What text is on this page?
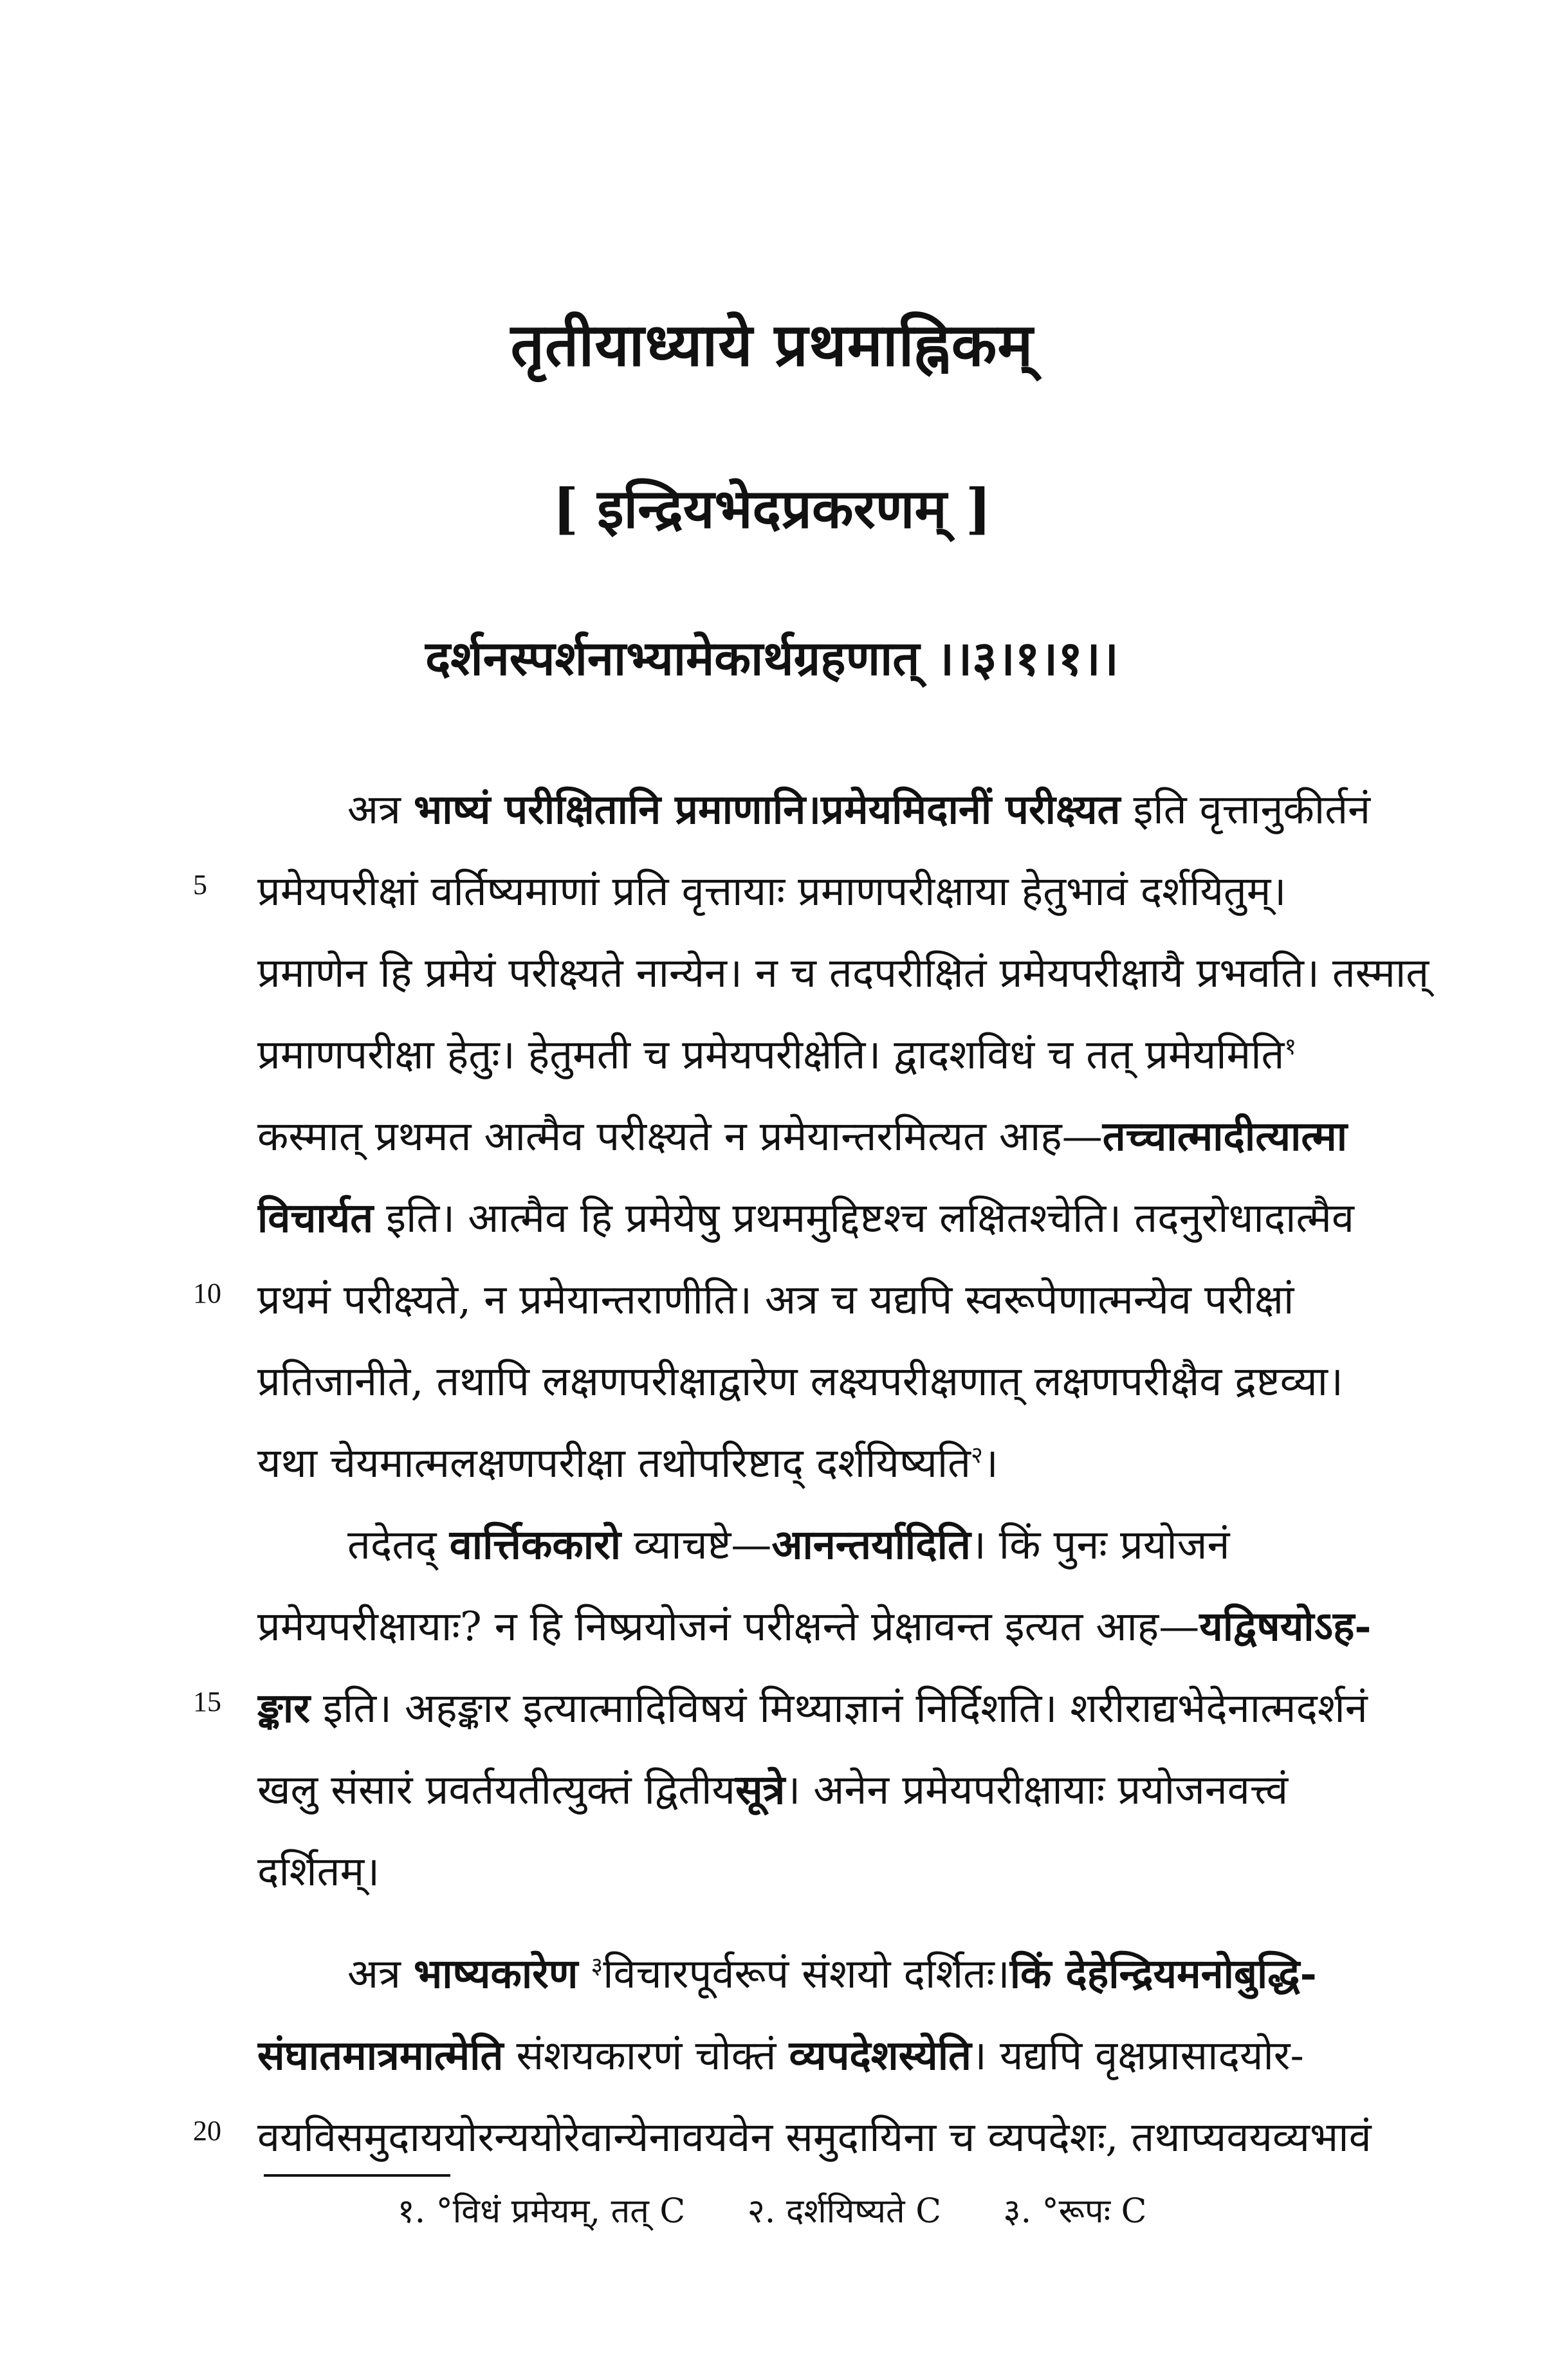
तृतीयाध्याये प्रथमाह्निकम्
[ इन्द्रियभेदप्रकरणम् ]
दर्शनस्पर्शनाभ्यामेकार्थग्रहणात् ।।३।१।१।।
अत्र भाष्यं परीक्षितानि प्रमाणानि।प्रमेयमिदानीं परीक्ष्यत इति वृत्तानुकीर्तनं
प्रमेयपरीक्षां वर्तिष्यमाणां प्रति वृत्तायाः प्रमाणपरीक्षाया हेतुभावं दर्शयितुम्।
प्रमाणेन हि प्रमेयं परीक्ष्यते नान्येन। न च तदपरीक्षितं प्रमेयपरीक्षायै प्रभवति। तस्मात्
प्रमाणपरीक्षा हेतुः। हेतुमती च प्रमेयपरीक्षेति। द्वादशविधं च तत् प्रमेयमिति$^१$
कस्मात् प्रथमत आत्मैव परीक्ष्यते न प्रमेयान्तरमित्यत आह—तच्चात्मादीत्यात्मा
विचार्यत इति। आत्मैव हि प्रमेयेषु प्रथममुद्दिष्टश्च लक्षितश्चेति। तदनुरोधादात्मैव
प्रथमं परीक्ष्यते, न प्रमेयान्तराणीति। अत्र च यद्यपि स्वरूपेणात्मन्येव परीक्षां
प्रतिजानीते, तथापि लक्षणपरीक्षाद्वारेण लक्ष्यपरीक्षणात् लक्षणपरीक्षैव द्रष्टव्या।
यथा चेयमात्मलक्षणपरीक्षा तथोपरिष्टाद् दर्शयिष्यति$^२$।
तदेतद् वार्त्तिककारो व्याचष्टे—आनन्तर्यादिति। किं पुनः प्रयोजनं
प्रमेयपरीक्षायाः? न हि निष्प्रयोजनं परीक्षन्ते प्रेक्षावन्त इत्यत आह—यद्विषयोऽह-
ङ्कार इति। अहङ्कार इत्यात्मादिविषयं मिथ्याज्ञानं निर्दिशति। शरीराद्यभेदेनात्मदर्शनं
खलु संसारं प्रवर्तयतीत्युक्तं द्वितीयसूत्रे। अनेन प्रमेयपरीक्षायाः प्रयोजनवत्त्वं
दर्शितम्।
अत्र भाष्यकारेण $^३$विचारपूर्वरूपं संशयो दर्शितः।किं देहेन्द्रियमनोबुद्धि-
संघातमात्रमात्मेति संशयकारणं चोक्तं व्यपदेशस्येति। यद्यपि वृक्षप्रासादयोर-
वयविसमुदाययोरन्ययोरेवान्येनावयवेन समुदायिना च व्यपदेशः, तथाप्यवयव्यभावं
5
10
15
20
१. °विधं प्रमेयम्, तत् C २. दर्शयिष्यते C ३. °रूपः C
